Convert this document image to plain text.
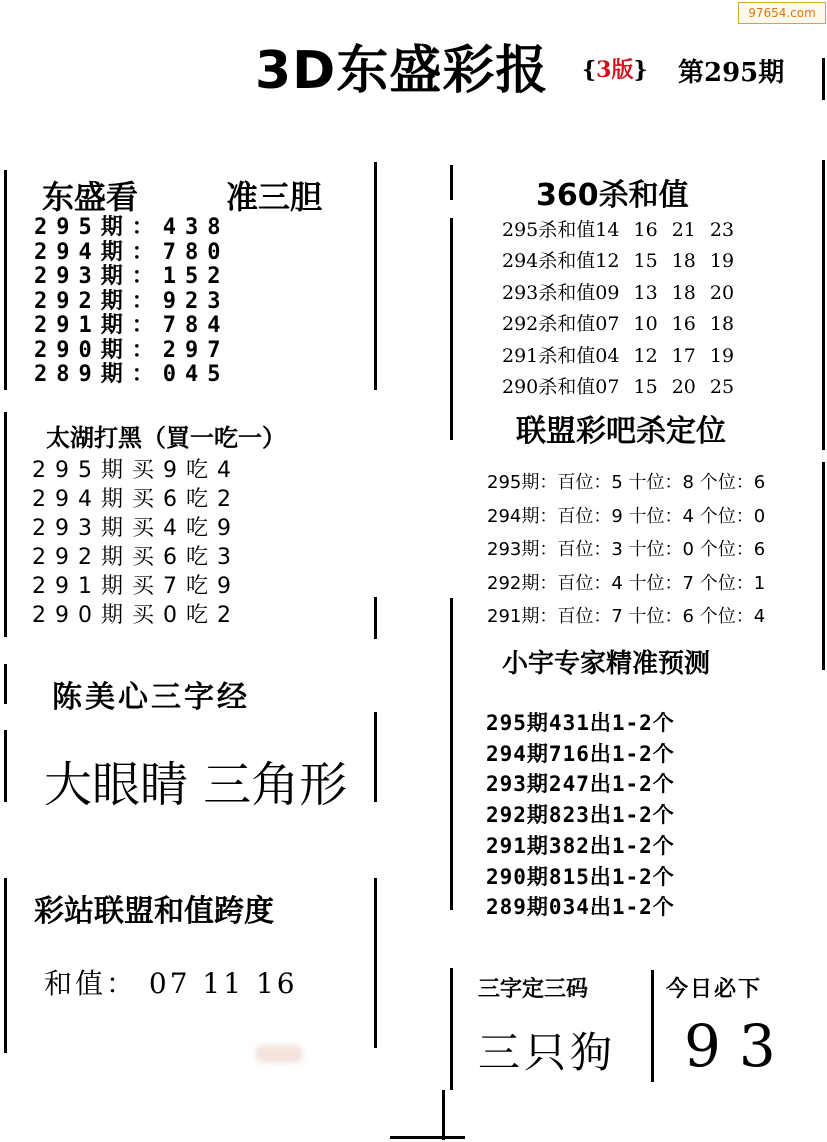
97654.com
3D东盛彩报 {3版} 第295期
东盛看	准三胆
295期：438
294期：780
293期：152
292期：923
291期：784
290期：297
289期：045
太湖打黑（買一吃一）
295期买9吃4
294期买6吃2
293期买4吃9
292期买6吃3
291期买7吃9
290期买0吃2
陈美心三字经
大眼睛 三角形
彩站联盟和值跨度
和值： 07 11 16
360杀和值
295杀和值14 16 21 23
294杀和值12 15 18 19
293杀和值09 13 18 20
292杀和值07 10 16 18
291杀和值04 12 17 19
290杀和值07 15 20 25
联盟彩吧杀定位
295期：百位：5 十位：8 个位：6
294期：百位：9 十位：4 个位：0
293期：百位：3 十位：0 个位：6
292期：百位：4 十位：7 个位：1
291期：百位：7 十位：6 个位：4
小宇专家精准预测
295期431出1-2个
294期716出1-2个
293期247出1-2个
292期823出1-2个
291期382出1-2个
290期815出1-2个
289期034出1-2个
三字定三码
三只狗
今日必下
93
